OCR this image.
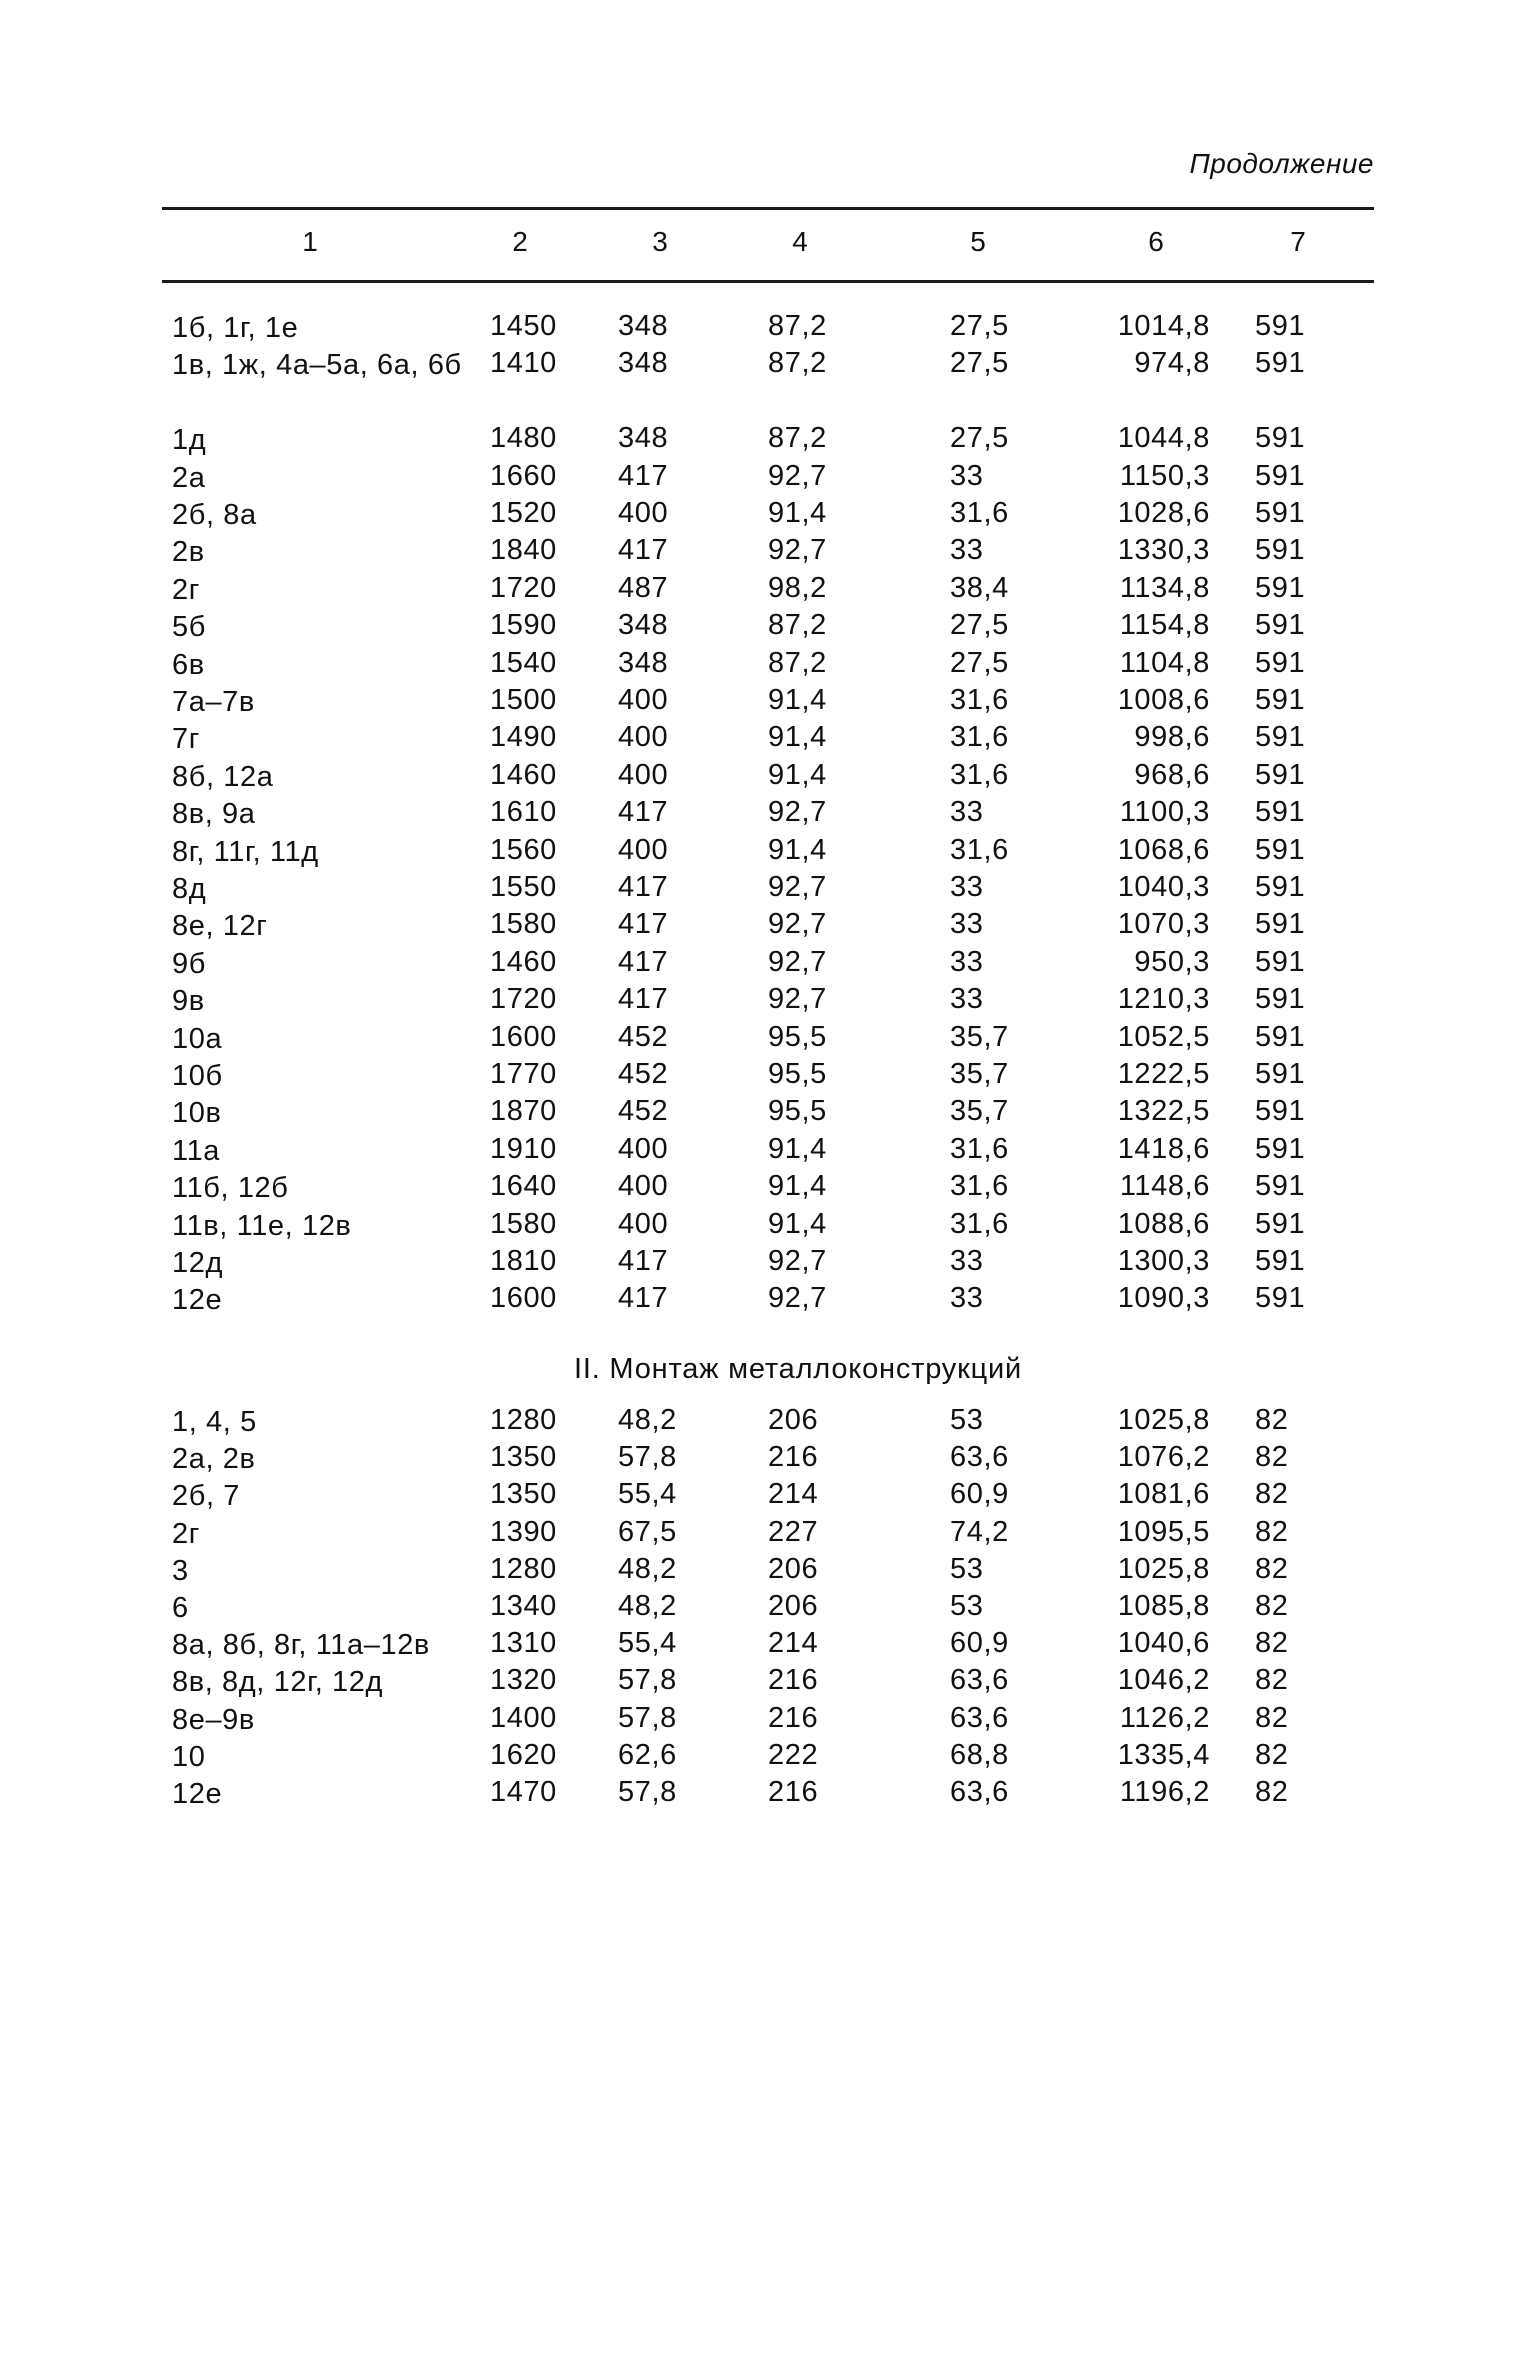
Продолжение
1	2	3	4	5	6	7
1б, 1г, 1е	1450 348	87,2	27,5	1014,8 591
1в, 1ж, 4а–5а, 6а, 6б 1410 348	87,2	27,5	974,8 591
1д	1480 348	87,2	27,5	1044,8 591
2а	1660 417	92,7	33	1150,3 591
2б, 8а	1520 400	91,4	31,6	1028,6 591
2в	1840 417	92,7	33	1330,3 591
2г	1720 487	98,2	38,4	1134,8 591
5б	1590 348	87,2	27,5	1154,8 591
6в	1540 348	87,2	27,5	1104,8 591
7а–7в	1500 400	91,4	31,6	1008,6 591
7г	1490 400	91,4	31,6	998,6 591
8б, 12а	1460 400	91,4	31,6	968,6 591
8в, 9а	1610 417	92,7	33	1100,3 591
8г, 11г, 11д	1560 400	91,4	31,6	1068,6 591
8д	1550 417	92,7	33	1040,3 591
8е, 12г	1580 417	92,7	33	1070,3 591
9б	1460 417	92,7	33	950,3 591
9в	1720 417	92,7	33	1210,3 591
10а	1600 452	95,5	35,7	1052,5 591
10б	1770 452	95,5	35,7	1222,5 591
10в	1870 452	95,5	35,7	1322,5 591
11а	1910 400	91,4	31,6	1418,6 591
11б, 12б	1640 400	91,4	31,6	1148,6 591
11в, 11е, 12в	1580 400	91,4	31,6	1088,6 591
12д	1810 417	92,7	33	1300,3 591
12е	1600 417	92,7	33	1090,3 591
II. Монтаж металлоконструкций
1, 4, 5	1280 48,2	206	53	1025,8 82
2а, 2в	1350 57,8	216	63,6	1076,2 82
2б, 7	1350 55,4	214	60,9	1081,6 82
2г	1390 67,5	227	74,2	1095,5 82
3	1280 48,2	206	53	1025,8 82
6	1340 48,2	206	53	1085,8 82
8а, 8б, 8г, 11а–12в	1310 55,4	214	60,9	1040,6 82
8в, 8д, 12г, 12д	1320 57,8	216	63,6	1046,2 82
8е–9в	1400 57,8	216	63,6	1126,2 82
10	1620 62,6	222	68,8	1335,4 82
12е	1470 57,8	216	63,6	1196,2 82
